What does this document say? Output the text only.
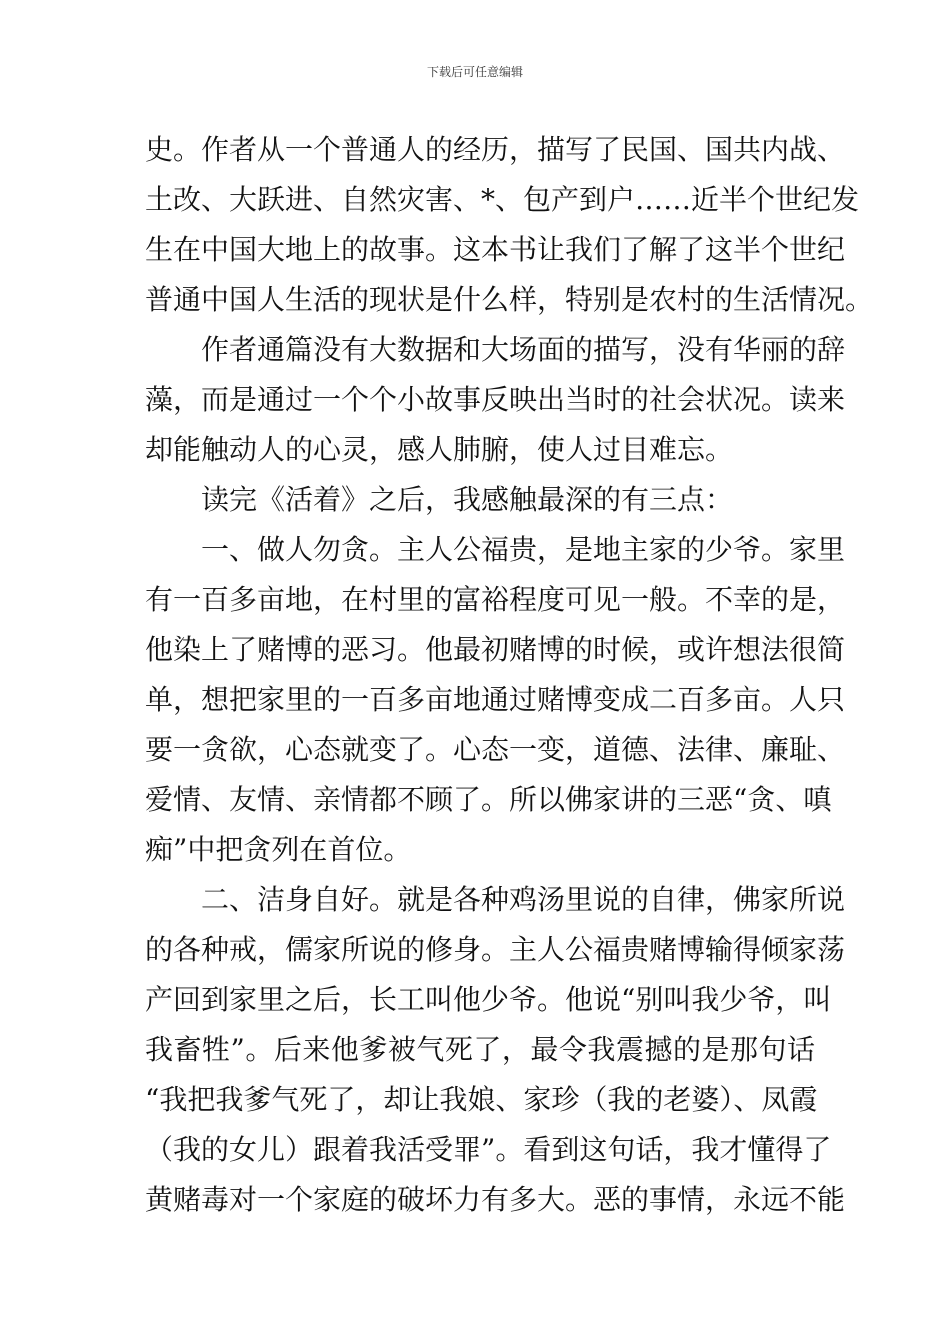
下载后可任意编辑
史。作者从一个普通人的经历，描写了民国、国共内战、
土改、大跃进、自然灾害、*、包产到户……近半个世纪发
生在中国大地上的故事。这本书让我们了解了这半个世纪
普通中国人生活的现状是什么样，特别是农村的生活情况。
作者通篇没有大数据和大场面的描写，没有华丽的辞
藻，而是通过一个个小故事反映出当时的社会状况。读来
却能触动人的心灵，感人肺腑，使人过目难忘。
读完《活着》之后，我感触最深的有三点：
一、做人勿贪。主人公福贵，是地主家的少爷。家里
有一百多亩地，在村里的富裕程度可见一般。不幸的是，
他染上了赌博的恶习。他最初赌博的时候，或许想法很简
单，想把家里的一百多亩地通过赌博变成二百多亩。人只
要一贪欲，心态就变了。心态一变，道德、法律、廉耻、
爱情、友情、亲情都不顾了。所以佛家讲的三恶“贪、嗔
痴”中把贪列在首位。
二、洁身自好。就是各种鸡汤里说的自律，佛家所说
的各种戒，儒家所说的修身。主人公福贵赌博输得倾家荡
产回到家里之后，长工叫他少爷。他说“别叫我少爷，叫
我畜牲”。后来他爹被气死了，最令我震撼的是那句话
“我把我爹气死了，却让我娘、家珍（我的老婆）、凤霞
（我的女儿）跟着我活受罪”。看到这句话，我才懂得了
黄赌毒对一个家庭的破坏力有多大。恶的事情，永远不能
